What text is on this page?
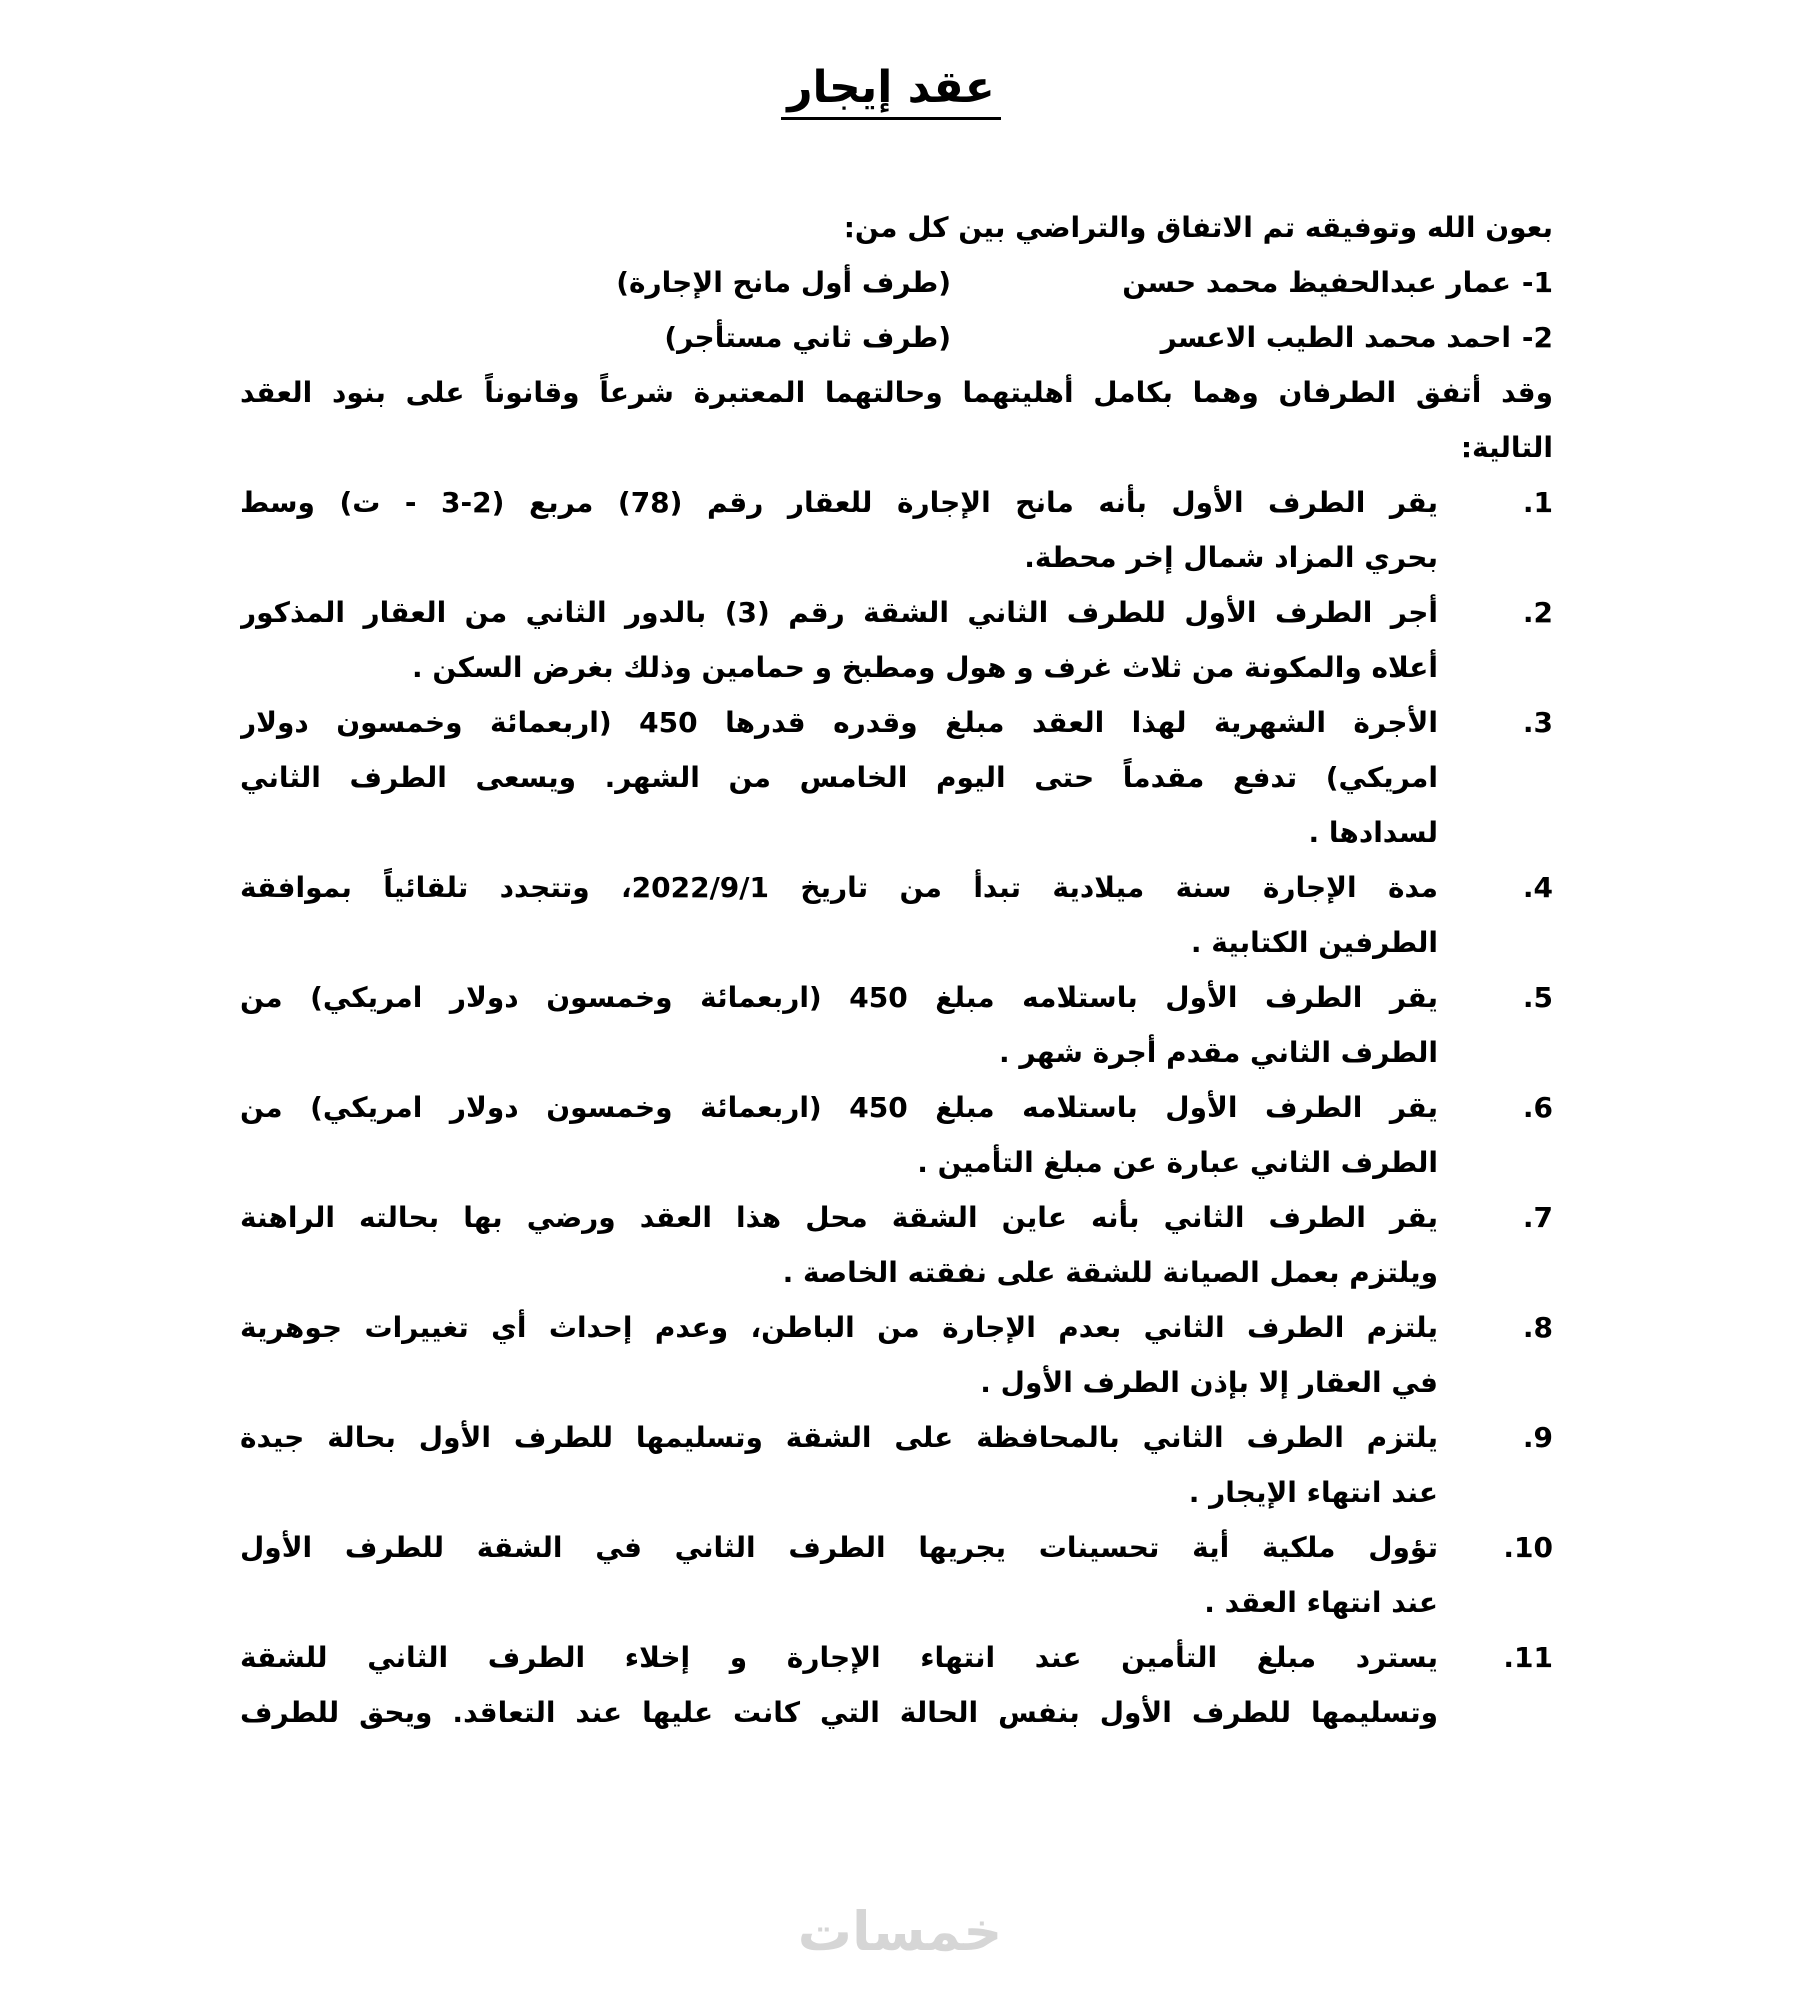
عقد إيجار
بعون الله وتوفيقه تم الاتفاق والتراضي بين كل من:
1-
عمار عبدالحفيظ محمد حسن
(طرف أول مانح الإجارة)
2-
احمد محمد الطيب الاعسر
(طرف ثاني مستأجر)
وقد أتفق الطرفان وهما بكامل أهليتهما وحالتهما المعتبرة شرعاً وقانوناً على بنود العقد
التالية:
1.
يقر الطرف الأول بأنه مانح الإجارة للعقار رقم (78) مربع (2-3 - ت) وسط
بحري المزاد شمال إخر محطة.
2.
أجر الطرف الأول للطرف الثاني الشقة رقم (3) بالدور الثاني من العقار المذكور
أعلاه والمكونة من ثلاث غرف و هول ومطبخ و حمامين وذلك بغرض السكن .
3.
الأجرة الشهرية لهذا العقد مبلغ وقدره قدرها 450 (اربعمائة وخمسون دولار
امريكي) تدفع مقدماً حتى اليوم الخامس من الشهر. ويسعى الطرف الثاني
لسدادها .
4.
مدة الإجارة سنة ميلادية تبدأ من تاريخ 2022/9/1، وتتجدد تلقائياً بموافقة
الطرفين الكتابية .
5.
يقر الطرف الأول باستلامه مبلغ 450 (اربعمائة وخمسون دولار امريكي) من
الطرف الثاني مقدم أجرة شهر .
6.
يقر الطرف الأول باستلامه مبلغ 450 (اربعمائة وخمسون دولار امريكي) من
الطرف الثاني عبارة عن مبلغ التأمين .
7.
يقر الطرف الثاني بأنه عاين الشقة محل هذا العقد ورضي بها بحالته الراهنة
ويلتزم بعمل الصيانة للشقة على نفقته الخاصة .
8.
يلتزم الطرف الثاني بعدم الإجارة من الباطن، وعدم إحداث أي تغييرات جوهرية
في العقار إلا بإذن الطرف الأول .
9.
يلتزم الطرف الثاني بالمحافظة على الشقة وتسليمها للطرف الأول بحالة جيدة
عند انتهاء الإيجار .
10.
تؤول ملكية أية تحسينات يجريها الطرف الثاني في الشقة للطرف الأول
عند انتهاء العقد .
11.
يسترد مبلغ التأمين عند انتهاء الإجارة و إخلاء الطرف الثاني للشقة
وتسليمها للطرف الأول بنفس الحالة التي كانت عليها عند التعاقد. ويحق للطرف
خمسات
